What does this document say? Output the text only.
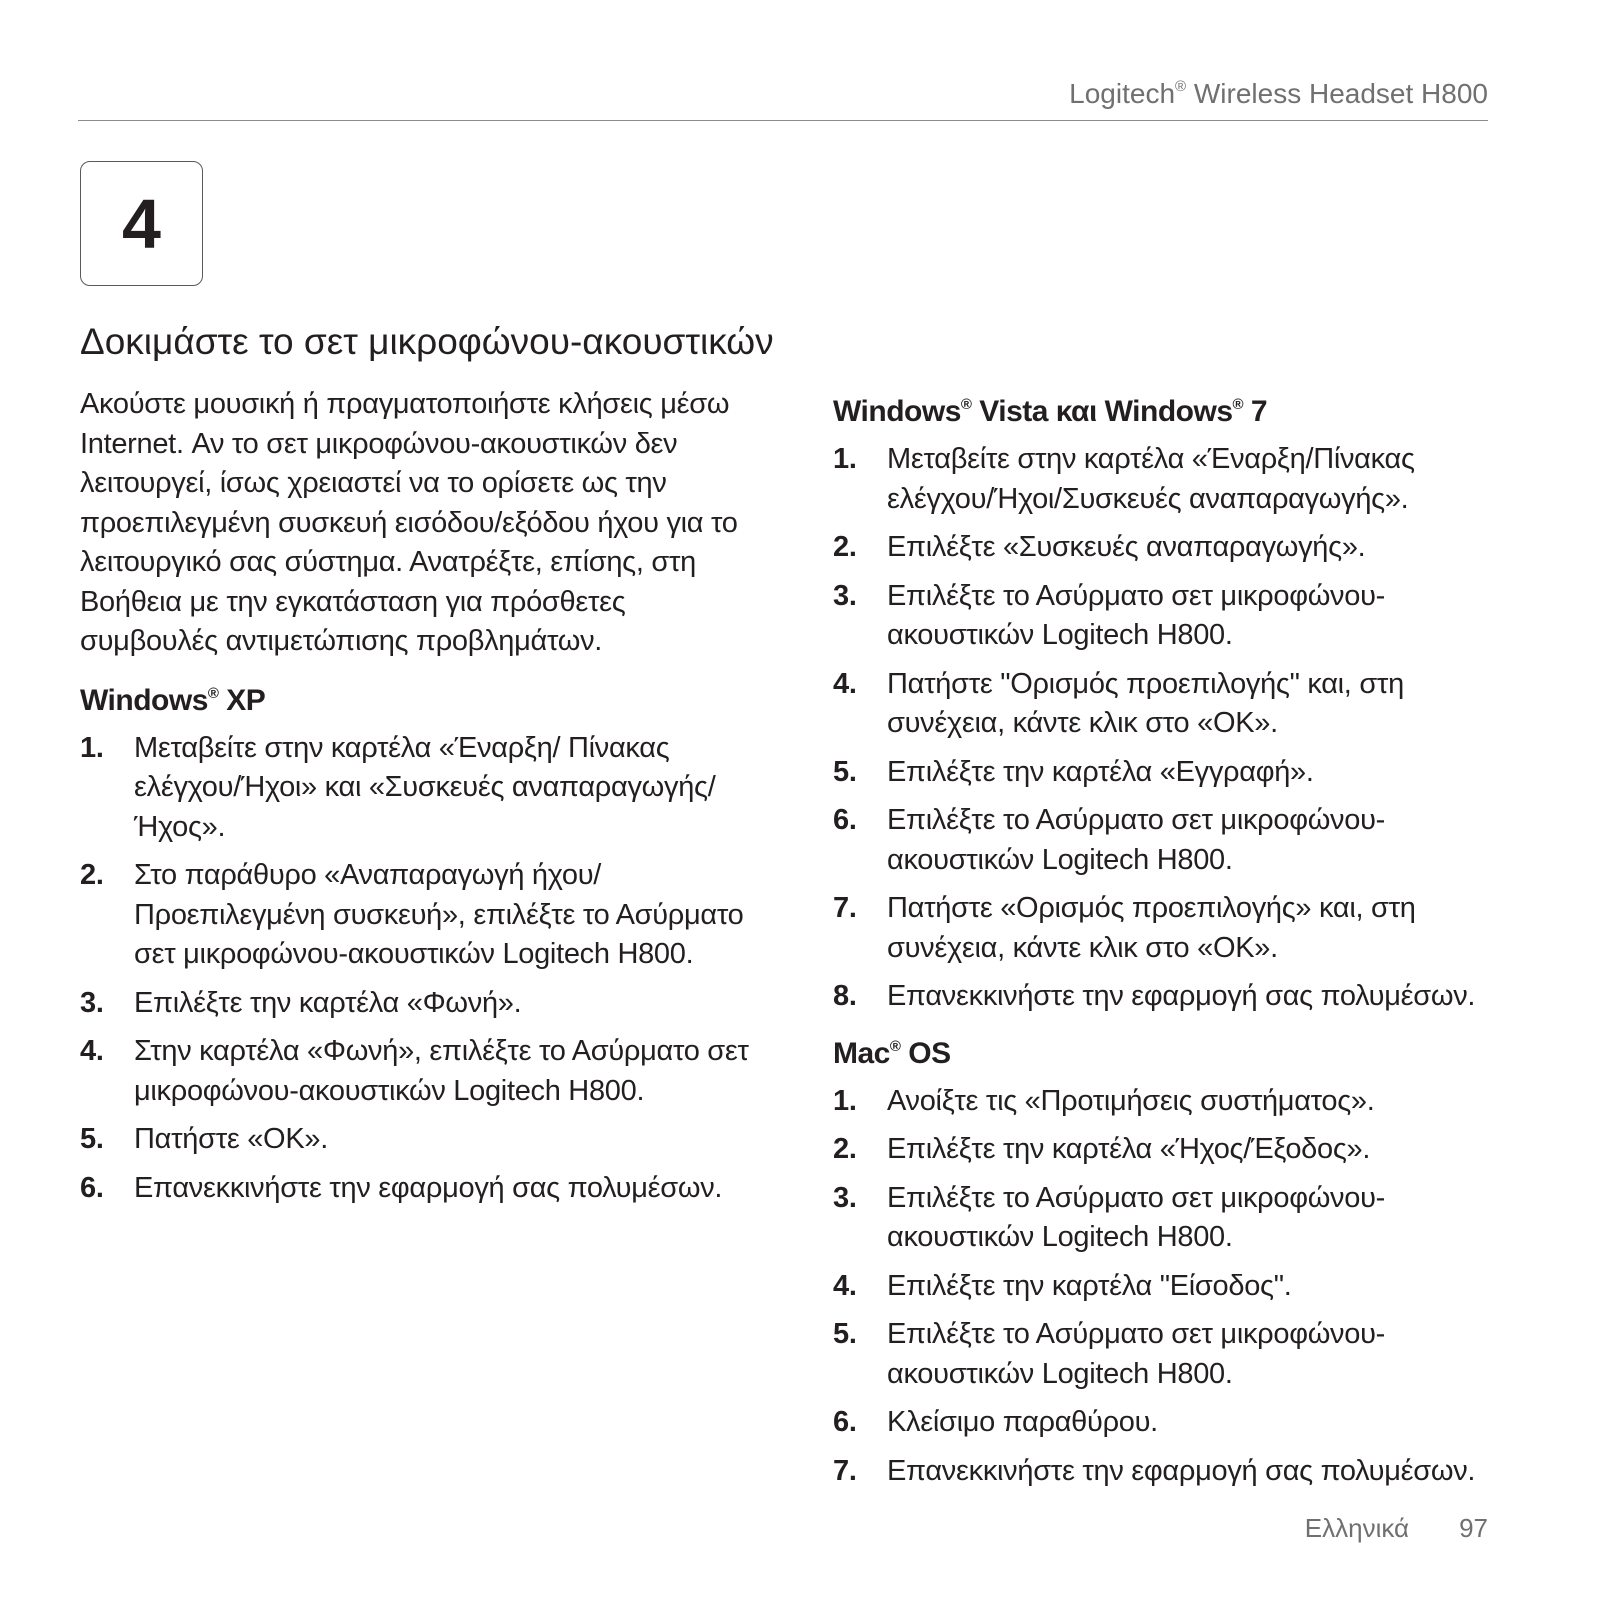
Logitech® Wireless Headset H800
4
Δοκιμάστε το σετ μικροφώνου-ακουστικών

Ακούστε μουσική ή πραγματοποιήστε κλήσεις μέσω Internet. Αν το σετ μικροφώνου-ακουστικών δεν λειτουργεί, ίσως χρειαστεί να το ορίσετε ως την προεπιλεγμένη συσκευή εισόδου/εξόδου ήχου για το λειτουργικό σας σύστημα. Ανατρέξτε, επίσης, στη Βοήθεια με την εγκατάσταση για πρόσθετες συμβουλές αντιμετώπισης προβλημάτων.

Windows® XP
1.	Μεταβείτε στην καρτέλα «Έναρξη/ Πίνακας ελέγχου/Ήχοι» και «Συσκευές αναπαραγωγής/Ήχος».
2.	Στο παράθυρο «Αναπαραγωγή ήχου/ Προεπιλεγμένη συσκευή», επιλέξτε το Ασύρματο σετ μικροφώνου-ακουστικών Logitech H800.
3.	Επιλέξτε την καρτέλα «Φωνή».
4.	Στην καρτέλα «Φωνή», επιλέξτε το Ασύρματο σετ μικροφώνου-ακουστικών Logitech H800.
5.	Πατήστε «OK».
6.	Επανεκκινήστε την εφαρμογή σας πολυμέσων.
Windows® Vista και Windows® 7
1.	Μεταβείτε στην καρτέλα «Έναρξη/Πίνακας ελέγχου/Ήχοι/Συσκευές αναπαραγωγής».
2.	Επιλέξτε «Συσκευές αναπαραγωγής».
3.	Επιλέξτε το Ασύρματο σετ μικροφώνου-ακουστικών Logitech H800.
4.	Πατήστε "Ορισμός προεπιλογής" και, στη συνέχεια, κάντε κλικ στο «OK».
5.	Επιλέξτε την καρτέλα «Εγγραφή».
6.	Επιλέξτε το Ασύρματο σετ μικροφώνου-ακουστικών Logitech H800.
7.	Πατήστε «Ορισμός προεπιλογής» και, στη συνέχεια, κάντε κλικ στο «OK».
8.	Επανεκκινήστε την εφαρμογή σας πολυμέσων.
Mac® OS
1.	Ανοίξτε τις «Προτιμήσεις συστήματος».
2.	Επιλέξτε την καρτέλα «Ήχος/Έξοδος».
3.	Επιλέξτε το Ασύρματο σετ μικροφώνου-ακουστικών Logitech H800.
4.	Επιλέξτε την καρτέλα "Είσοδος".
5.	Επιλέξτε το Ασύρματο σετ μικροφώνου-ακουστικών Logitech H800.
6.	Κλείσιμο παραθύρου.
7.	Επανεκκινήστε την εφαρμογή σας πολυμέσων.
Ελληνικά 97
